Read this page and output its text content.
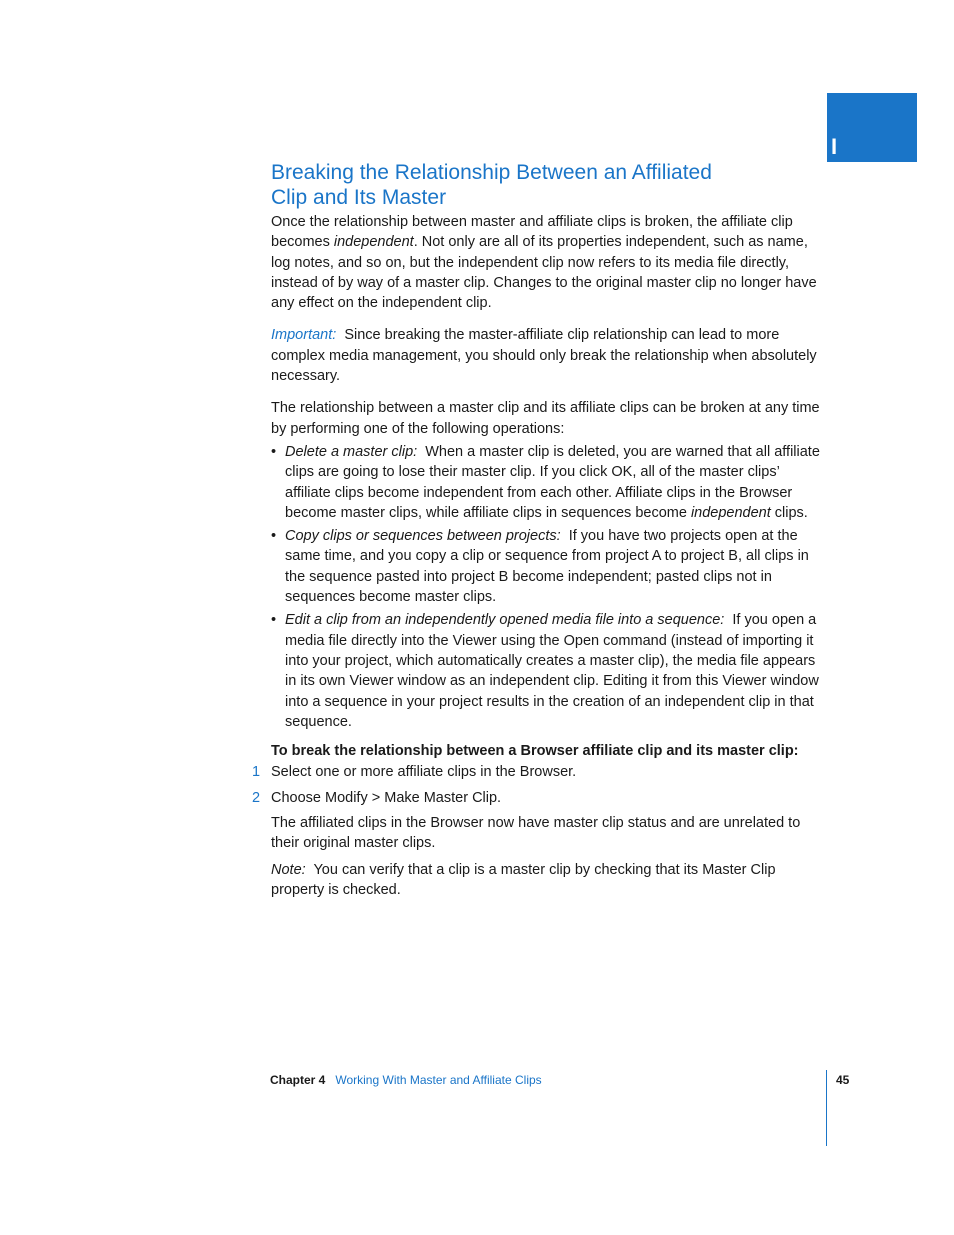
I
Breaking the Relationship Between an Affiliated Clip and Its Master

Once the relationship between master and affiliate clips is broken, the affiliate clip becomes independent. Not only are all of its properties independent, such as name, log notes, and so on, but the independent clip now refers to its media file directly, instead of by way of a master clip. Changes to the original master clip no longer have any effect on the independent clip.

Important: Since breaking the master-affiliate clip relationship can lead to more complex media management, you should only break the relationship when absolutely necessary.

The relationship between a master clip and its affiliate clips can be broken at any time by performing one of the following operations:

• Delete a master clip: When a master clip is deleted, you are warned that all affiliate clips are going to lose their master clip. If you click OK, all of the master clips’ affiliate clips become independent from each other. Affiliate clips in the Browser become master clips, while affiliate clips in sequences become independent clips.
• Copy clips or sequences between projects: If you have two projects open at the same time, and you copy a clip or sequence from project A to project B, all clips in the sequence pasted into project B become independent; pasted clips not in sequences become master clips.
• Edit a clip from an independently opened media file into a sequence: If you open a media file directly into the Viewer using the Open command (instead of importing it into your project, which automatically creates a master clip), the media file appears in its own Viewer window as an independent clip. Editing it from this Viewer window into a sequence in your project results in the creation of an independent clip in that sequence.

To break the relationship between a Browser affiliate clip and its master clip:

1 Select one or more affiliate clips in the Browser.
2 Choose Modify > Make Master Clip.

The affiliated clips in the Browser now have master clip status and are unrelated to their original master clips.

Note: You can verify that a clip is a master clip by checking that its Master Clip property is checked.

Chapter 4 Working With Master and Affiliate Clips	45
